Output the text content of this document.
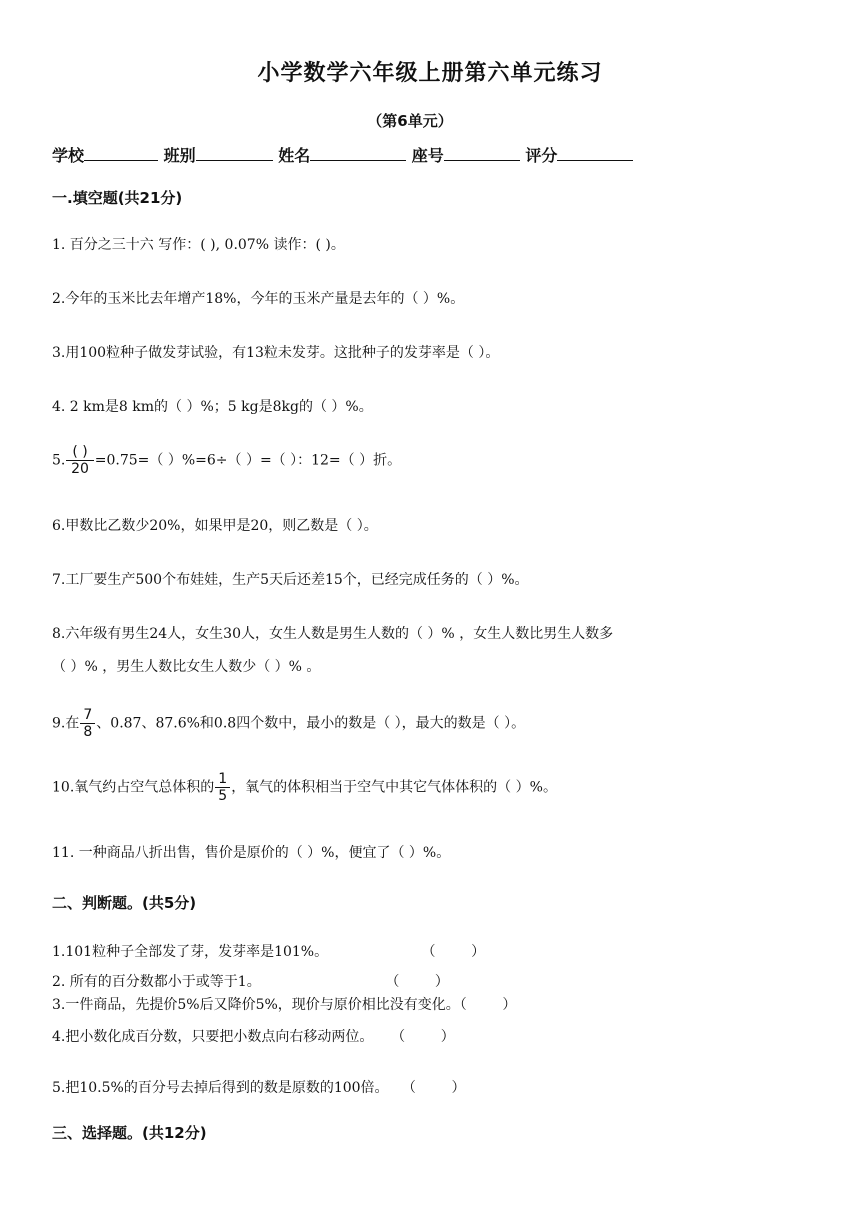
小学数学六年级上册第六单元练习
（第6单元）
学校	班别	姓名	座号	评分
一.填空题(共21分)
1. 百分之三十六 写作：( ), 0.07% 读作：( )。
2.今年的玉米比去年增产18%，今年的玉米产量是去年的（ ）%。
3.用100粒种子做发芽试验，有13粒未发芽。这批种子的发芽率是（ ）。
4. 2 km是8 km的（ ）%；5 kg是8kg的（ ）%。
5. $\frac{( )}{20} =0.75=$（ ）%=6÷（ ）=（ ）：12=（ ）折。
6.甲数比乙数少20%，如果甲是20，则乙数是（ ）。
7.工厂要生产500个布娃娃，生产5天后还差15个，已经完成任务的（ ）%。
8.六年级有男生24人，女生30人，女生人数是男生人数的（ ）% ，女生人数比男生人数多
（ ）% ，男生人数比女生人数少（ ）% 。
9.在 $\frac{7}{8}$ 、0.87、87.6%和0.8四个数中，最小的数是（ ），最大的数是（ ）。
10.氧气约占空气总体积的 $\frac{1}{5}$ ，氧气的体积相当于空气中其它气体体积的（ ）%。
11. 一种商品八折出售，售价是原价的（ ）%，便宜了（ ）%。
二、判断题。(共5分)
1.101粒种子全部发了芽，发芽率是101%。                     （        ）
2. 所有的百分数都小于或等于1。                            （        ）
3.一件商品，先提价5%后又降价5%，现价与原价相比没有变化。（        ）
4.把小数化成百分数，只要把小数点向右移动两位。    （        ）
5.把10.5%的百分号去掉后得到的数是原数的100倍。   （        ）
三、选择题。(共12分)
